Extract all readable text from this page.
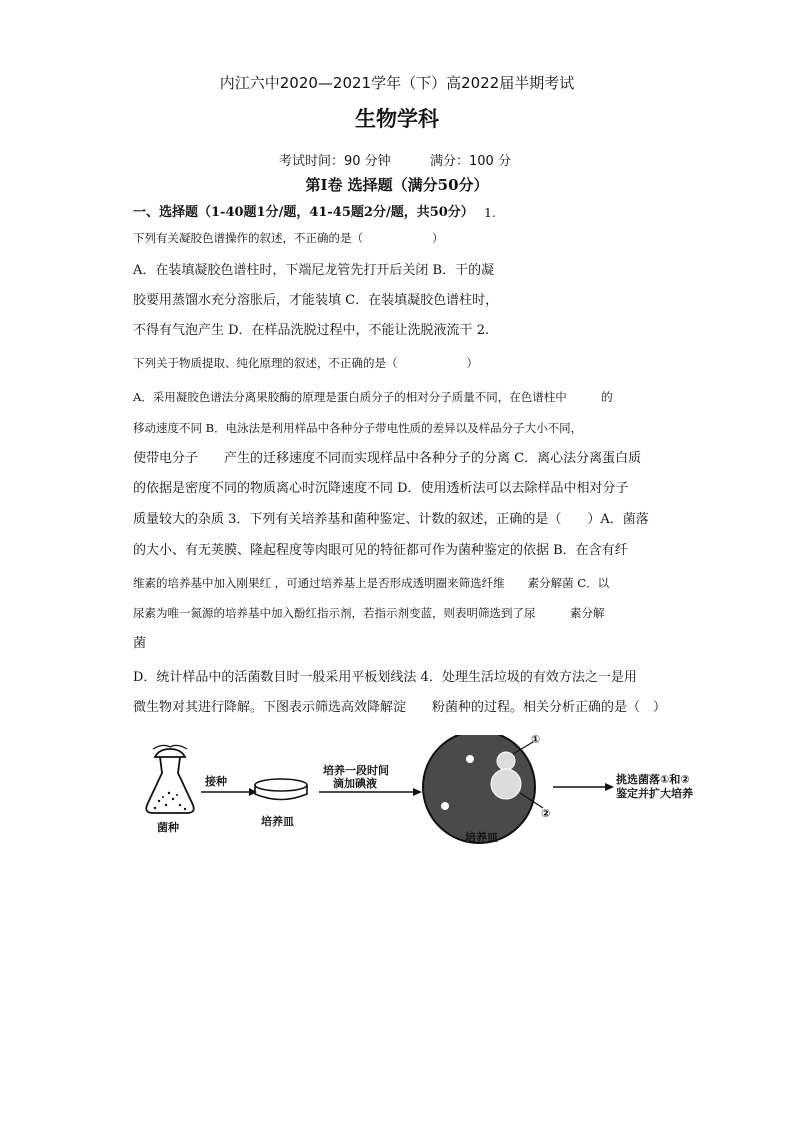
内江六中2020—2021学年（下）高2022届半期考试
生物学科
考试时间：90 分钟	满分：100 分
第Ⅰ卷 选择题（满分50分）
一、选择题（1-40题1分/题，41-45题2分/题，共50分） 1.
下列有关凝胶色谱操作的叙述，不正确的是（　　　　　　）
A．在装填凝胶色谱柱时，下端尼龙管先打开后关闭 B．干的凝
胶要用蒸馏水充分溶胀后，才能装填 C．在装填凝胶色谱柱时，
不得有气泡产生 D．在样品洗脱过程中，不能让洗脱液流干 2.
下列关于物质提取、纯化原理的叙述，不正确的是（　　　　　　）
A．采用凝胶色谱法分离果胶酶的原理是蛋白质分子的相对分子质量不同，在色谱柱中　　　的
移动速度不同 B．电泳法是利用样品中各种分子带电性质的差异以及样品分子大小不同，
使带电分子　　产生的迁移速度不同而实现样品中各种分子的分离 C．离心法分离蛋白质
的依据是密度不同的物质离心时沉降速度不同 D．使用透析法可以去除样品中相对分子
质量较大的杂质 3．下列有关培养基和菌种鉴定、计数的叙述，正确的是（　　）A．菌落
的大小、有无荚膜、隆起程度等肉眼可见的特征都可作为菌种鉴定的依据 B．在含有纤
维素的培养基中加入刚果红 ，可通过培养基上是否形成透明圈来筛选纤维　　素分解菌 C．以
尿素为唯一氮源的培养基中加入酚红指示剂，若指示剂变蓝，则表明筛选到了尿　　　素分解
菌
D．统计样品中的活菌数目时一般采用平板划线法 4．处理生活垃圾的有效方法之一是用
微生物对其进行降解。下图表示筛选高效降解淀　　粉菌种的过程。相关分析正确的是（　）
菌种
接种
培养皿
培养一段时间
滴加碘液
①
②
培养皿
挑选菌落①和②
鉴定并扩大培养
